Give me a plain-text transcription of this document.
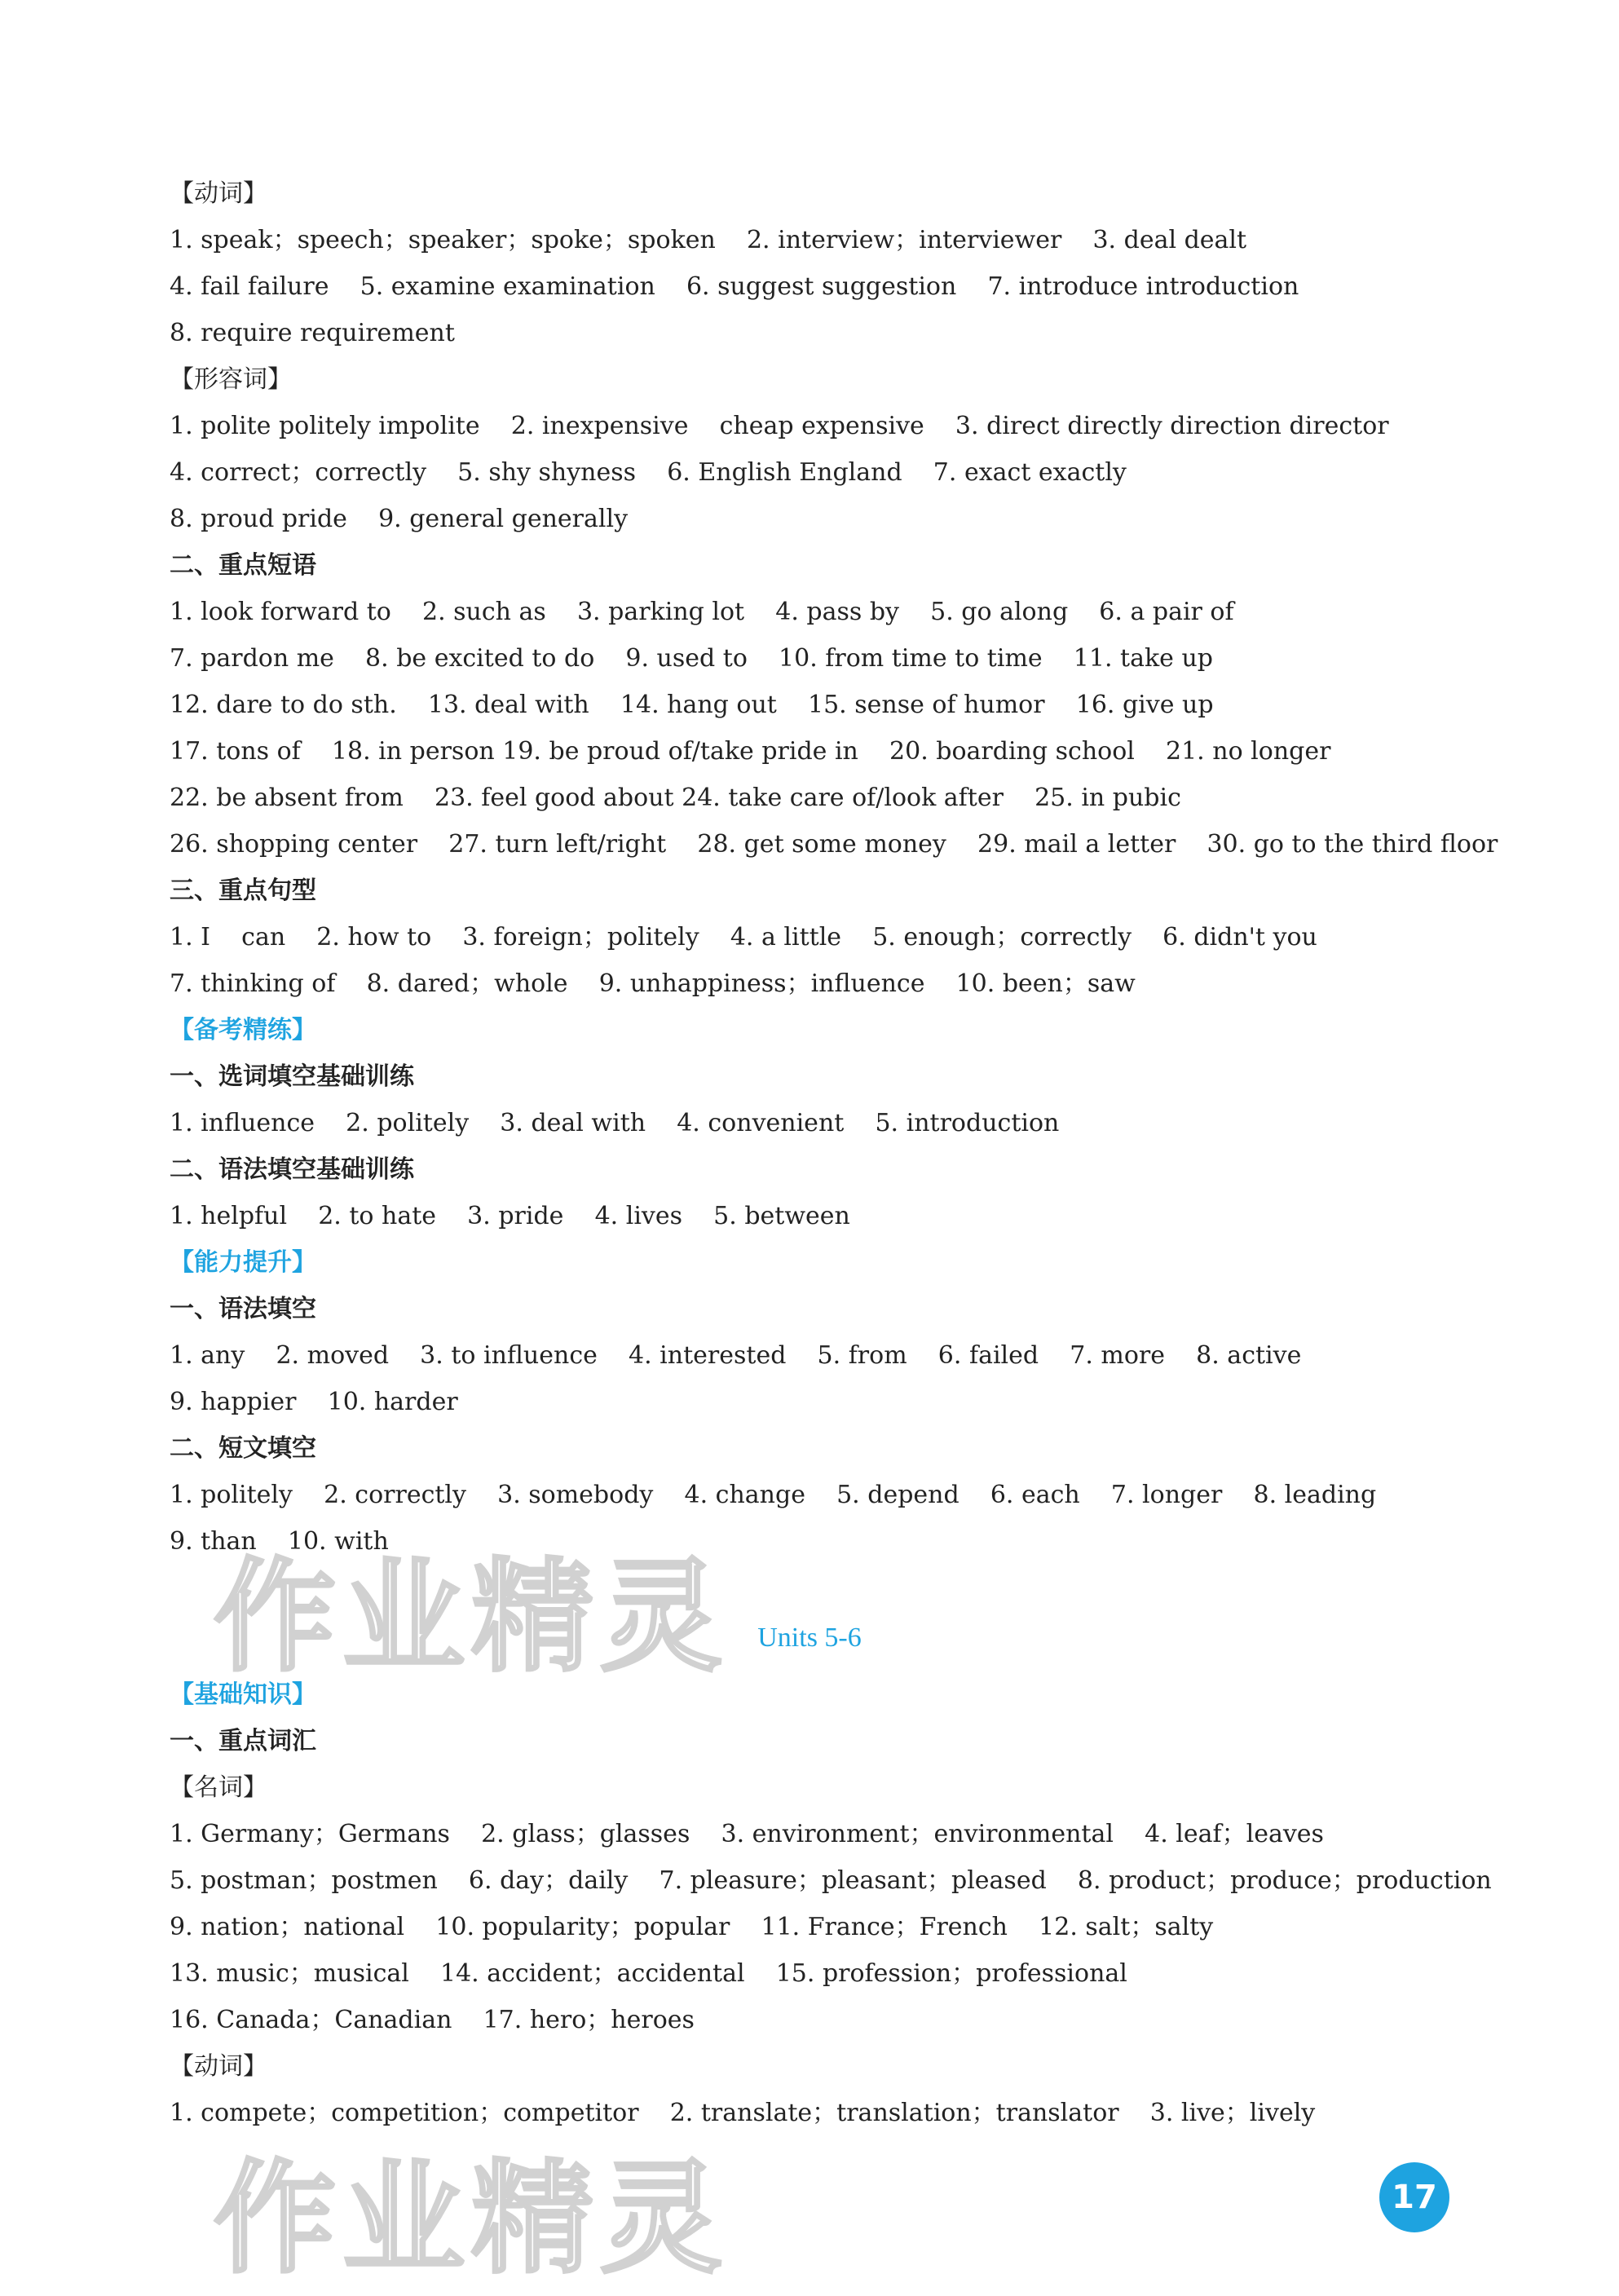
【动词】
1. speak；speech；speaker；spoke；spoken    2. interview；interviewer    3. deal dealt
4. fail failure    5. examine examination    6. suggest suggestion    7. introduce introduction
8. require requirement
【形容词】
1. polite politely impolite    2. inexpensive    cheap expensive    3. direct directly direction director
4. correct；correctly    5. shy shyness    6. English England    7. exact exactly
8. proud pride    9. general generally
二、重点短语
1. look forward to    2. such as    3. parking lot    4. pass by    5. go along    6. a pair of
7. pardon me    8. be excited to do    9. used to    10. from time to time    11. take up
12. dare to do sth.    13. deal with    14. hang out    15. sense of humor    16. give up
17. tons of    18. in person 19. be proud of/take pride in    20. boarding school    21. no longer
22. be absent from    23. feel good about 24. take care of/look after    25. in pubic
26. shopping center    27. turn left/right    28. get some money    29. mail a letter    30. go to the third floor
三、重点句型
1. I    can    2. how to    3. foreign；politely    4. a little    5. enough；correctly    6. didn't you
7. thinking of    8. dared；whole    9. unhappiness；influence    10. been；saw
【备考精练】
一、选词填空基础训练
1. influence    2. politely    3. deal with    4. convenient    5. introduction
二、语法填空基础训练
1. helpful    2. to hate    3. pride    4. lives    5. between
【能力提升】
一、语法填空
1. any    2. moved    3. to influence    4. interested    5. from    6. failed    7. more    8. active
9. happier    10. harder
二、短文填空
1. politely    2. correctly    3. somebody    4. change    5. depend    6. each    7. longer    8. leading
9. than    10. with
作业精灵	Units 5-6
【基础知识】
一、重点词汇
【名词】
1. Germany；Germans    2. glass；glasses    3. environment；environmental    4. leaf；leaves
5. postman；postmen    6. day；daily    7. pleasure；pleasant；pleased    8. product；produce；production
9. nation；national    10. popularity；popular    11. France；French    12. salt；salty
13. music；musical    14. accident；accidental    15. profession；professional
16. Canada；Canadian    17. hero；heroes
【动词】
1. compete；competition；competitor    2. translate；translation；translator    3. live；lively
作业精灵	17
